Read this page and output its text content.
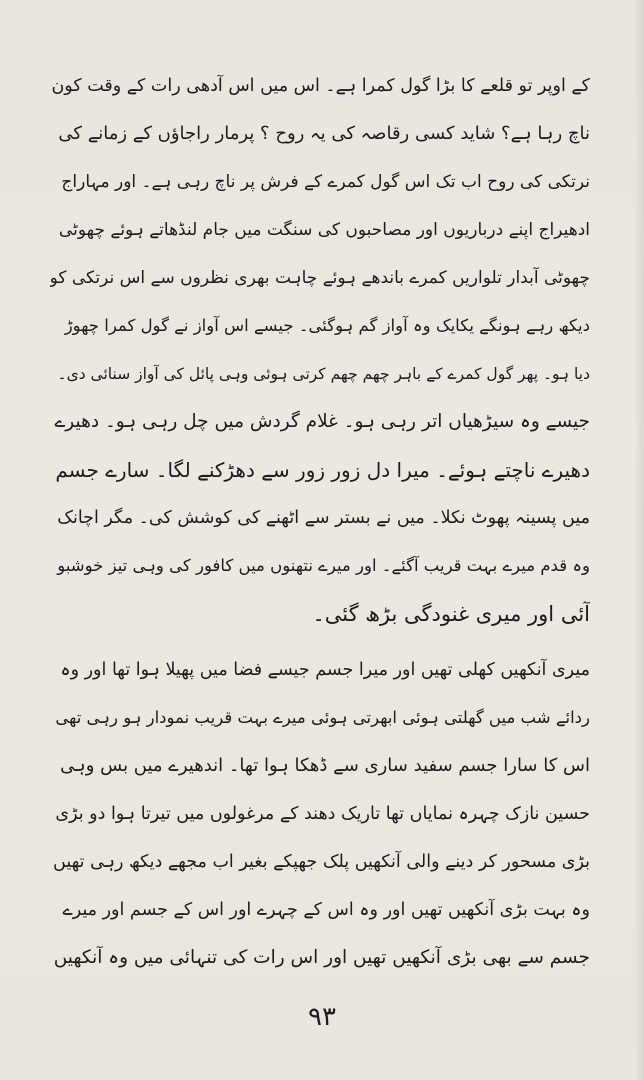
کے اوپر تو قلعے کا بڑا گول کمرا ہے۔ اس میں اس آدھی رات کے وقت کون
ناچ رہا ہے؟ شاید کسی رقاصہ کی یہ روح ؟ پرمار راجاؤں کے زمانے کی
نرتکی کی روح اب تک اس گول کمرے کے فرش پر ناچ رہی ہے۔ اور مہاراج
ادھیراج اپنے درباریوں اور مصاحبوں کی سنگت میں جام لنڈھاتے ہوئے چھوٹی
چھوٹی آبدار تلواریں کمرے باندھے ہوئے چاہت بھری نظروں سے اس نرتکی کو
دیکھ رہے ہونگے یکایک وہ آواز گم ہوگئی۔ جیسے اس آواز نے گول کمرا چھوڑ
دیا ہو۔ پھر گول کمرے کے باہر چھم چھم کرتی ہوئی وہی پائل کی آواز سنائی دی۔
جیسے وہ سیڑھیاں اتر رہی ہو۔ غلام گردش میں چل رہی ہو۔ دھیرے
دھیرے ناچتے ہوئے۔ میرا دل زور زور سے دھڑکنے لگا۔ سارے جسم
میں پسینہ پھوٹ نکلا۔ میں نے بستر سے اٹھنے کی کوشش کی۔ مگر اچانک
وہ قدم میرے بہت قریب آگئے۔ اور میرے نتھنوں میں کافور کی وہی تیز خوشبو
آئی اور میری غنودگی بڑھ گئی۔
میری آنکھیں کھلی تھیں اور میرا جسم جیسے فضا میں پھیلا ہوا تھا اور وہ
ردائے شب میں گھلتی ہوئی ابھرتی ہوئی میرے بہت قریب نمودار ہو رہی تھی
اس کا سارا جسم سفید ساری سے ڈھکا ہوا تھا۔ اندھیرے میں بس وہی
حسین نازک چہرہ نمایاں تھا تاریک دھند کے مرغولوں میں تیرتا ہوا دو بڑی
بڑی مسحور کر دینے والی آنکھیں پلک جھپکے بغیر اب مجھے دیکھ رہی تھیں
وہ بہت بڑی آنکھیں تھیں اور وہ اس کے چہرے اور اس کے جسم اور میرے
جسم سے بھی بڑی آنکھیں تھیں اور اس رات کی تنہائی میں وہ آنکھیں
۹۳
